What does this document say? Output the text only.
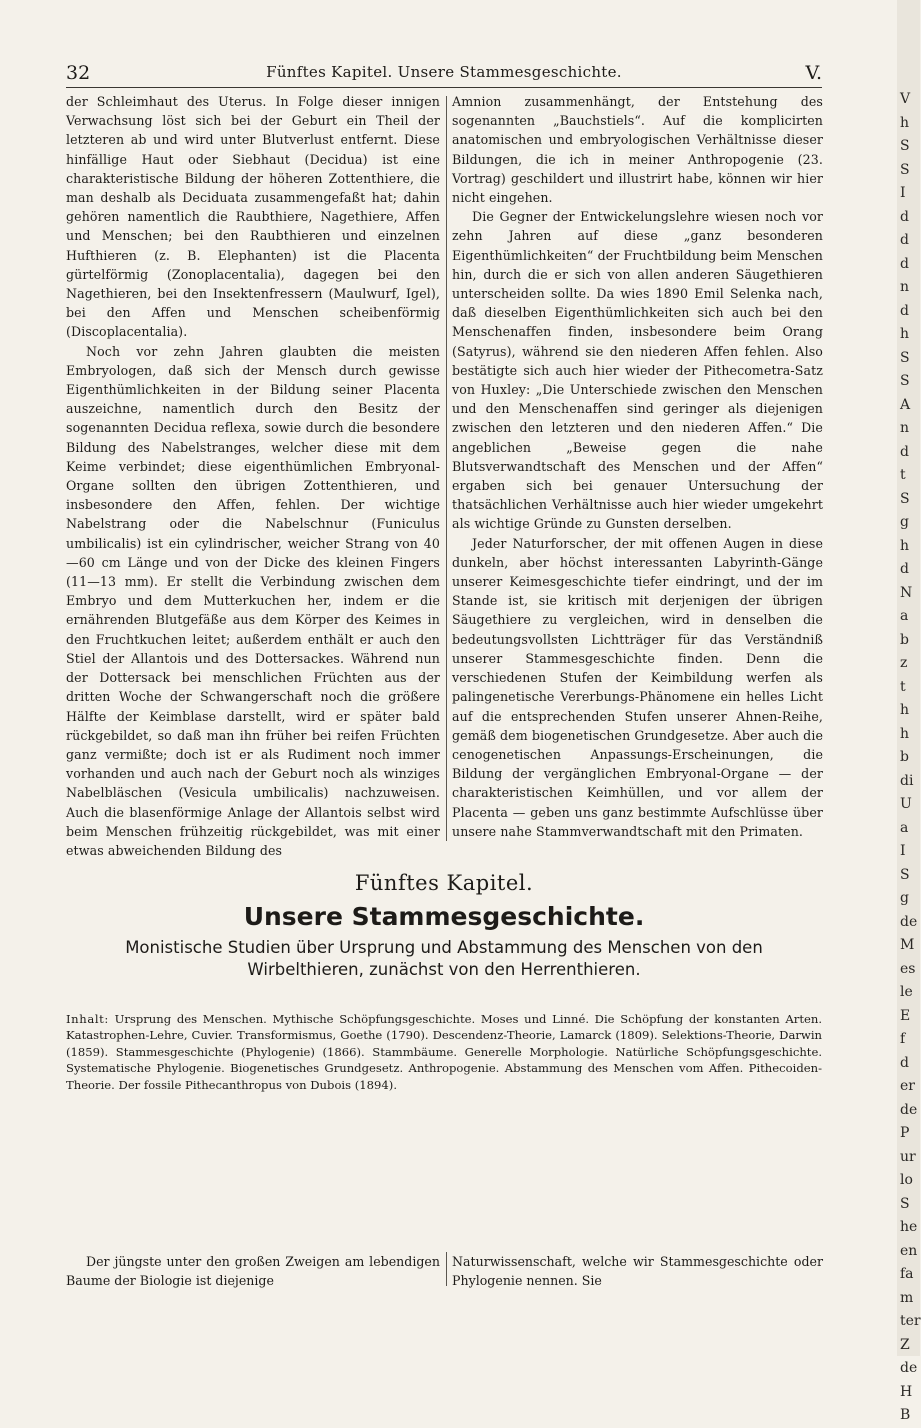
32	Fünftes Kapitel. Unsere Stammesgeschichte.	V.

der Schleimhaut des Uterus. In Folge dieser innigen Verwachsung löst sich bei der Geburt ein Theil der letzteren ab und wird unter Blutverlust entfernt. Diese hinfällige Haut oder Siebhaut (Decidua) ist eine charakteristische Bildung der höheren Zottenthiere, die man deshalb als Deciduata zusammengefaßt hat; dahin gehören namentlich die Raubthiere, Nagethiere, Affen und Menschen; bei den Raubthieren und einzelnen Hufthieren (z. B. Elephanten) ist die Placenta gürtelförmig (Zonoplacentalia), dagegen bei den Nagethieren, bei den Insektenfressern (Maulwurf, Igel), bei den Affen und Menschen scheibenförmig (Discoplacentalia).

Noch vor zehn Jahren glaubten die meisten Embryologen, daß sich der Mensch durch gewisse Eigenthümlichkeiten in der Bildung seiner Placenta auszeichne, namentlich durch den Besitz der sogenannten Decidua reflexa, sowie durch die besondere Bildung des Nabelstranges, welcher diese mit dem Keime verbindet; diese eigenthümlichen Embryonal-Organe sollten den übrigen Zottenthieren, und insbesondere den Affen, fehlen. Der wichtige Nabelstrang oder die Nabelschnur (Funiculus umbilicalis) ist ein cylindrischer, weicher Strang von 40—60 cm Länge und von der Dicke des kleinen Fingers (11—13 mm). Er stellt die Verbindung zwischen dem Embryo und dem Mutterkuchen her, indem er die ernährenden Blutgefäße aus dem Körper des Keimes in den Fruchtkuchen leitet; außerdem enthält er auch den Stiel der Allantois und des Dottersackes. Während nun der Dottersack bei menschlichen Früchten aus der dritten Woche der Schwangerschaft noch die größere Hälfte der Keimblase darstellt, wird er später bald rückgebildet, so daß man ihn früher bei reifen Früchten ganz vermißte; doch ist er als Rudiment noch immer vorhanden und auch nach der Geburt noch als winziges Nabelbläschen (Vesicula umbilicalis) nachzuweisen. Auch die blasenförmige Anlage der Allantois selbst wird beim Menschen frühzeitig rückgebildet, was mit einer etwas abweichenden Bildung des

Amnion zusammenhängt, der Entstehung des sogenannten „Bauchstiels“. Auf die komplicirten anatomischen und embryologischen Verhältnisse dieser Bildungen, die ich in meiner Anthropogenie (23. Vortrag) geschildert und illustrirt habe, können wir hier nicht eingehen.

Die Gegner der Entwickelungslehre wiesen noch vor zehn Jahren auf diese „ganz besonderen Eigenthümlichkeiten“ der Fruchtbildung beim Menschen hin, durch die er sich von allen anderen Säugethieren unterscheiden sollte. Da wies 1890 Emil Selenka nach, daß dieselben Eigenthümlichkeiten sich auch bei den Menschenaffen finden, insbesondere beim Orang (Satyrus), während sie den niederen Affen fehlen. Also bestätigte sich auch hier wieder der Pithecometra-Satz von Huxley: „Die Unterschiede zwischen den Menschen und den Menschenaffen sind geringer als diejenigen zwischen den letzteren und den niederen Affen.“ Die angeblichen „Beweise gegen die nahe Blutsverwandtschaft des Menschen und der Affen“ ergaben sich bei genauer Untersuchung der thatsächlichen Verhältnisse auch hier wieder umgekehrt als wichtige Gründe zu Gunsten derselben.

Jeder Naturforscher, der mit offenen Augen in diese dunkeln, aber höchst interessanten Labyrinth-Gänge unserer Keimesgeschichte tiefer eindringt, und der im Stande ist, sie kritisch mit derjenigen der übrigen Säugethiere zu vergleichen, wird in denselben die bedeutungsvollsten Lichtträger für das Verständniß unserer Stammesgeschichte finden. Denn die verschiedenen Stufen der Keimbildung werfen als palingenetische Vererbungs-Phänomene ein helles Licht auf die entsprechenden Stufen unserer Ahnen-Reihe, gemäß dem biogenetischen Grundgesetze. Aber auch die cenogenetischen Anpassungs-Erscheinungen, die Bildung der vergänglichen Embryonal-Organe — der charakteristischen Keimhüllen, und vor allem der Placenta — geben uns ganz bestimmte Aufschlüsse über unsere nahe Stammverwandtschaft mit den Primaten.

Fünftes Kapitel.
Unsere Stammesgeschichte.
Monistische Studien über Ursprung und Abstammung des Menschen von den Wirbelthieren, zunächst von den Herrenthieren.
Inhalt: Ursprung des Menschen. Mythische Schöpfungsgeschichte. Moses und Linné. Die Schöpfung der konstanten Arten. Katastrophen-Lehre, Cuvier. Transformismus, Goethe (1790). Descendenz-Theorie, Lamarck (1809). Selektions-Theorie, Darwin (1859). Stammesgeschichte (Phylogenie) (1866). Stammbäume. Generelle Morphologie. Natürliche Schöpfungsgeschichte. Systematische Phylogenie. Biogenetisches Grundgesetz. Anthropogenie. Abstammung des Menschen vom Affen. Pithecoiden-Theorie. Der fossile Pithecanthropus von Dubois (1894).
Der jüngste unter den großen Zweigen am lebendigen Baume der Biologie ist diejenige
Naturwissenschaft, welche wir Stammesgeschichte oder Phylogenie nennen. Sie
V
h
S
S
I
d
d
d
n
d
h
S
S
A
n
d
t
S
g
h
d
N
a
b
z
t
h
h
b
di
U
a
I
S
g
de
M
es
le
E
f
d
er
de
P
ur
lo
S
he
en
fa
m
ter
Z
de
H
B
